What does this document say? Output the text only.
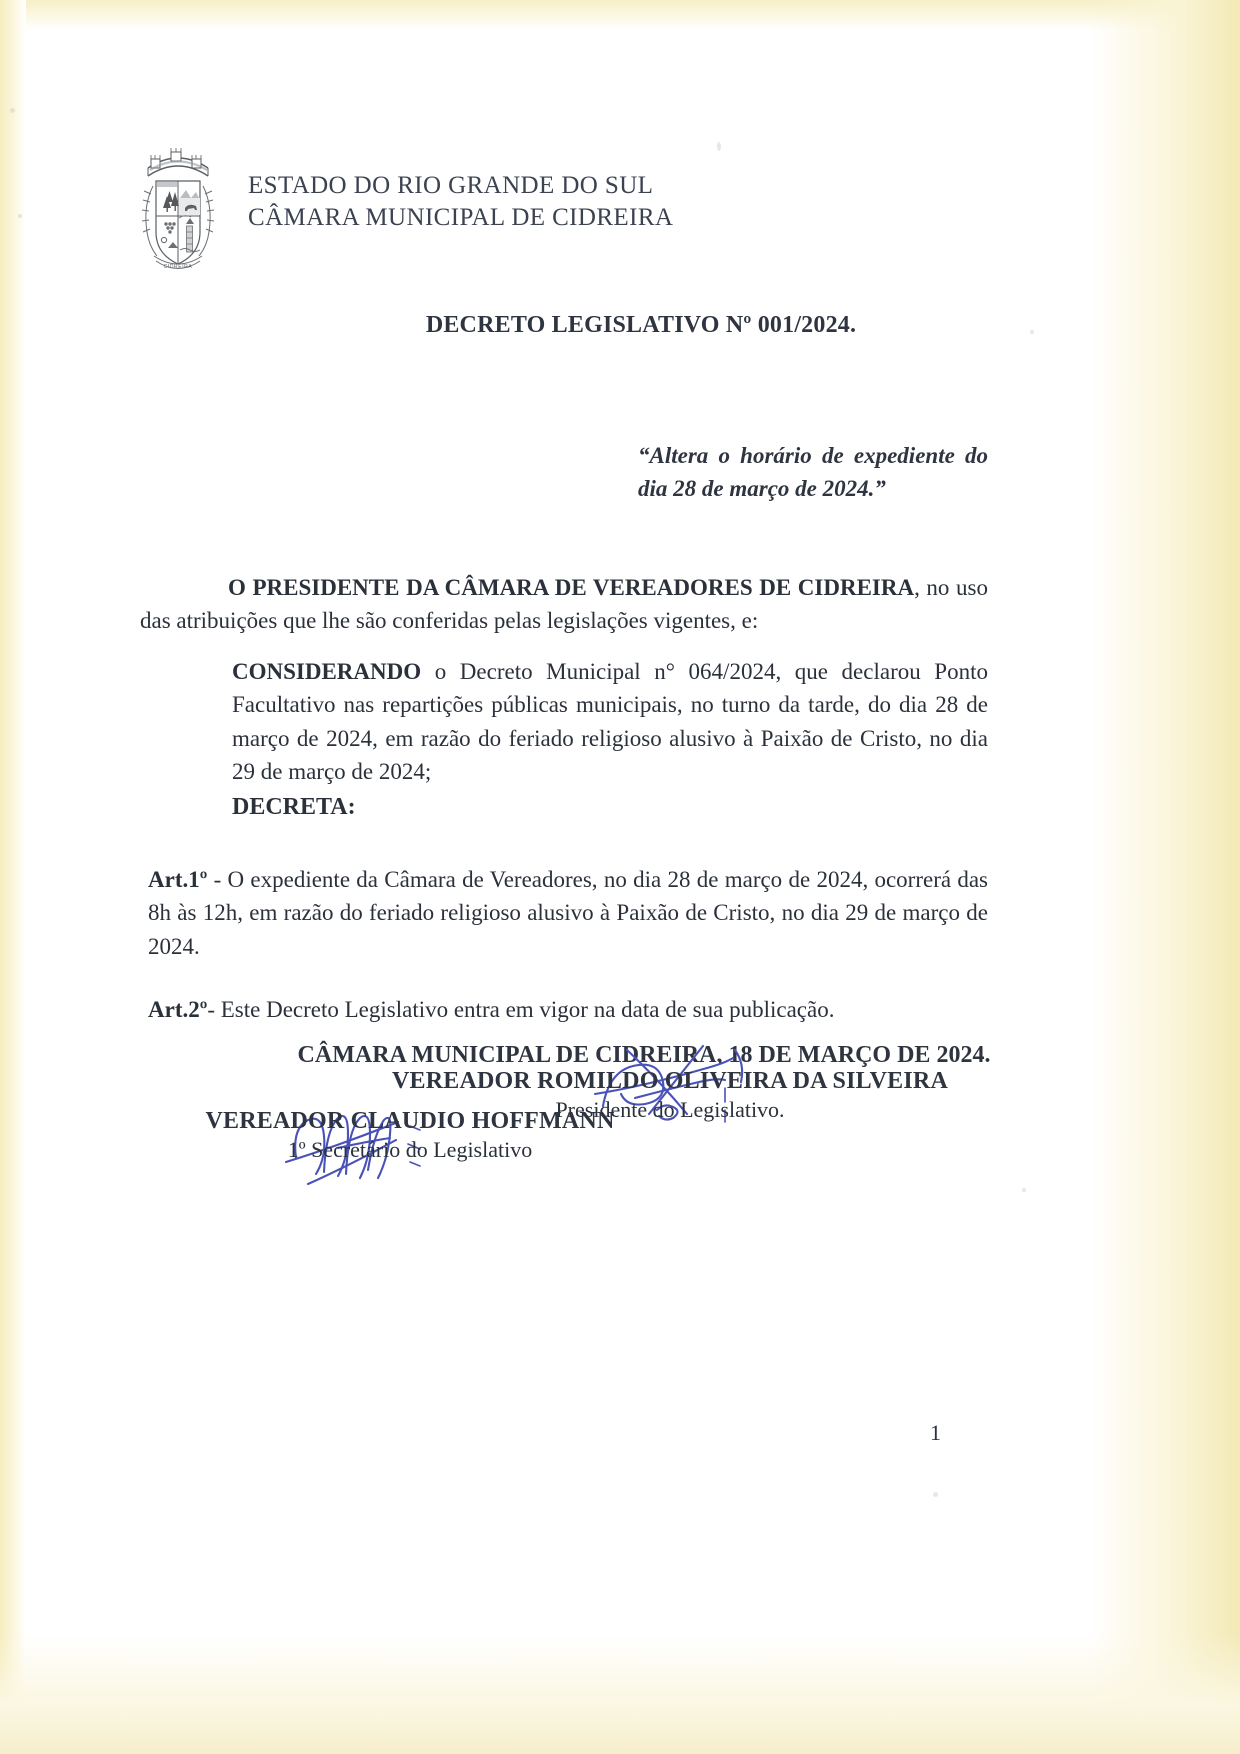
CIDREIRA
ESTADO DO RIO GRANDE DO SUL
CÂMARA MUNICIPAL DE CIDREIRA
DECRETO LEGISLATIVO Nº 001/2024.
“Altera o horário de expediente do dia 28 de março de 2024.”

O PRESIDENTE DA CÂMARA DE VEREADORES DE CIDREIRA, no uso das atribuições que lhe são conferidas pelas legislações vigentes, e:

CONSIDERANDO o Decreto Municipal n° 064/2024, que declarou Ponto Facultativo nas repartições públicas municipais, no turno da tarde, do dia 28 de março de 2024, em razão do feriado religioso alusivo à Paixão de Cristo, no dia 29 de março de 2024;

DECRETA:

Art.1º - O expediente da Câmara de Vereadores, no dia 28 de março de 2024, ocorrerá das 8h às 12h, em razão do feriado religioso alusivo à Paixão de Cristo, no dia 29 de março de 2024.

Art.2º- Este Decreto Legislativo entra em vigor na data de sua publicação.

CÂMARA MUNICIPAL DE CIDREIRA, 18 DE MARÇO DE 2024.
VEREADOR ROMILDO OLIVEIRA DA SILVEIRA
Presidente do Legislativo.
VEREADOR CLAUDIO HOFFMANN
1º Secretário do Legislativo
1
